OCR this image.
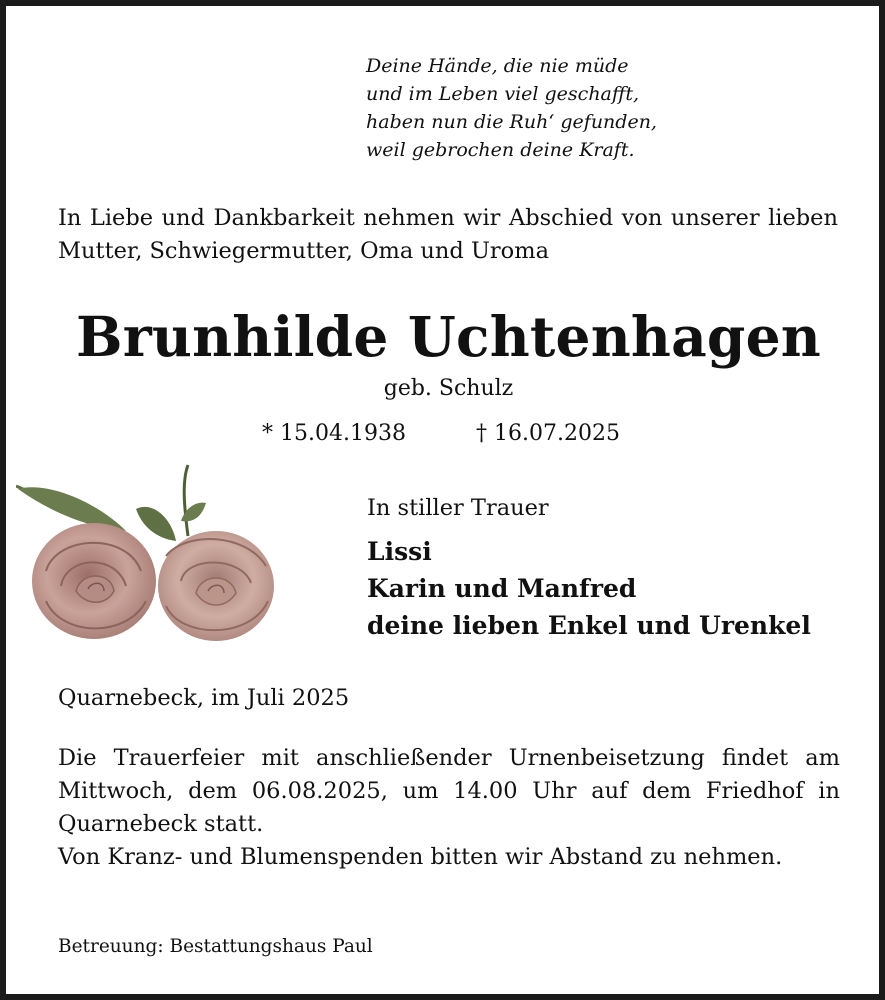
Deine Hände, die nie müde
und im Leben viel geschafft,
haben nun die Ruh‘ gefunden,
weil gebrochen deine Kraft.

In Liebe und Dankbarkeit nehmen wir Abschied von unserer lieben Mutter, Schwiegermutter, Oma und Uroma

Brunhilde Uchtenhagen
geb. Schulz
* 15.04.1938	† 16.07.2025
In stiller Trauer
Lissi
Karin und Manfred
deine lieben Enkel und Urenkel
Quarnebeck, im Juli 2025
Die Trauerfeier mit anschließender Urnenbeisetzung findet am Mittwoch, dem 06.08.2025, um 14.00 Uhr auf dem Friedhof in Quarnebeck statt.
Von Kranz- und Blumenspenden bitten wir Abstand zu nehmen.
Betreuung: Bestattungshaus Paul
